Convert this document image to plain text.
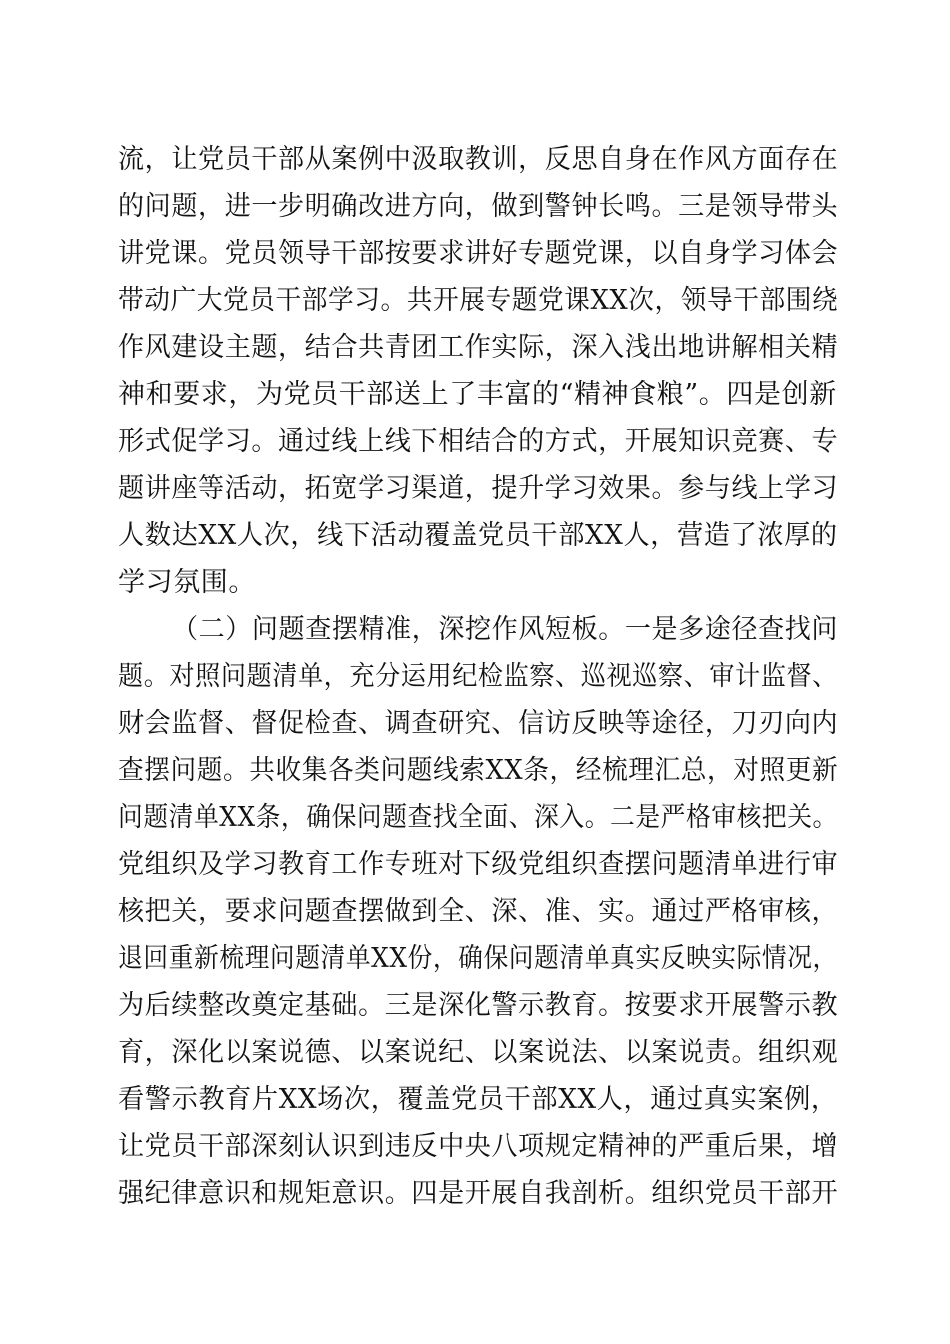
流，让党员干部从案例中汲取教训，反思自身在作风方面存在
的问题，进一步明确改进方向，做到警钟长鸣。三是领导带头
讲党课。党员领导干部按要求讲好专题党课，以自身学习体会
带动广大党员干部学习。共开展专题党课XX次，领导干部围绕
作风建设主题，结合共青团工作实际，深入浅出地讲解相关精
神和要求，为党员干部送上了丰富的“精神食粮”。四是创新
形式促学习。通过线上线下相结合的方式，开展知识竞赛、专
题讲座等活动，拓宽学习渠道，提升学习效果。参与线上学习
人数达XX人次，线下活动覆盖党员干部XX人，营造了浓厚的
学习氛围。
（二）问题查摆精准，深挖作风短板。一是多途径查找问
题。对照问题清单，充分运用纪检监察、巡视巡察、审计监督、
财会监督、督促检查、调查研究、信访反映等途径，刀刃向内
查摆问题。共收集各类问题线索XX条，经梳理汇总，对照更新
问题清单XX条，确保问题查找全面、深入。二是严格审核把关。
党组织及学习教育工作专班对下级党组织查摆问题清单进行审
核把关，要求问题查摆做到全、深、准、实。通过严格审核，
退回重新梳理问题清单XX份，确保问题清单真实反映实际情况，
为后续整改奠定基础。三是深化警示教育。按要求开展警示教
育，深化以案说德、以案说纪、以案说法、以案说责。组织观
看警示教育片XX场次，覆盖党员干部XX人，通过真实案例，
让党员干部深刻认识到违反中央八项规定精神的严重后果，增
强纪律意识和规矩意识。四是开展自我剖析。组织党员干部开
